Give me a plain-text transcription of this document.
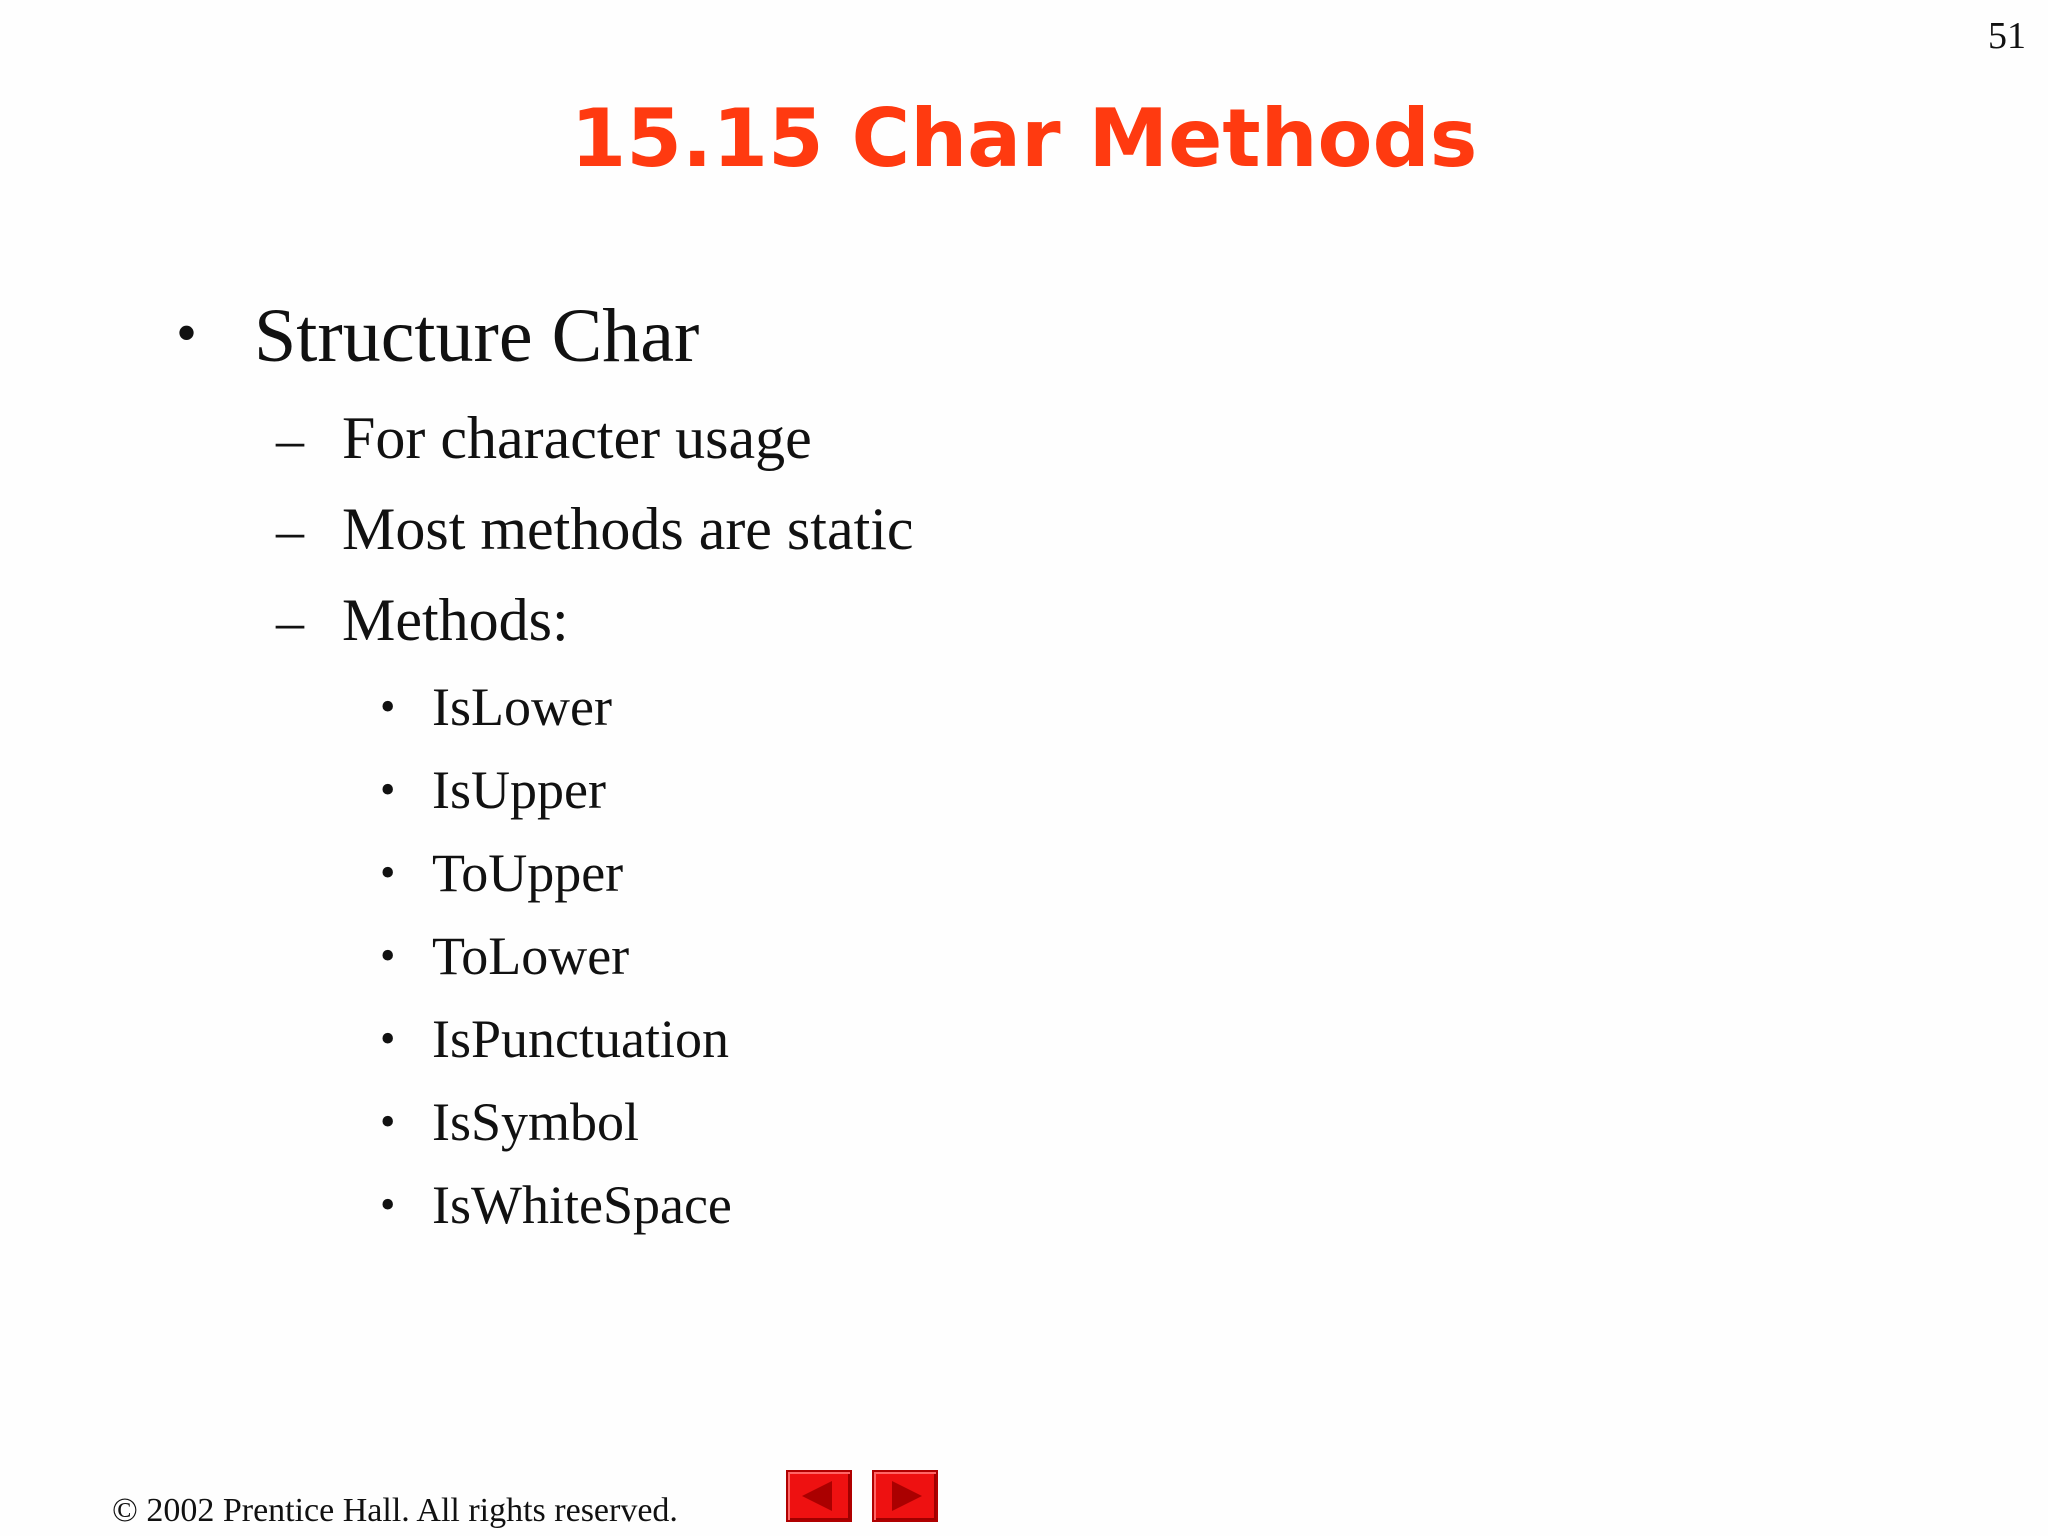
51
15.15 Char Methods
• Structure Char
– For character usage
– Most methods are static
– Methods:
• IsLower
• IsUpper
• ToUpper
• ToLower
• IsPunctuation
• IsSymbol
• IsWhiteSpace
© 2002 Prentice Hall. All rights reserved.
